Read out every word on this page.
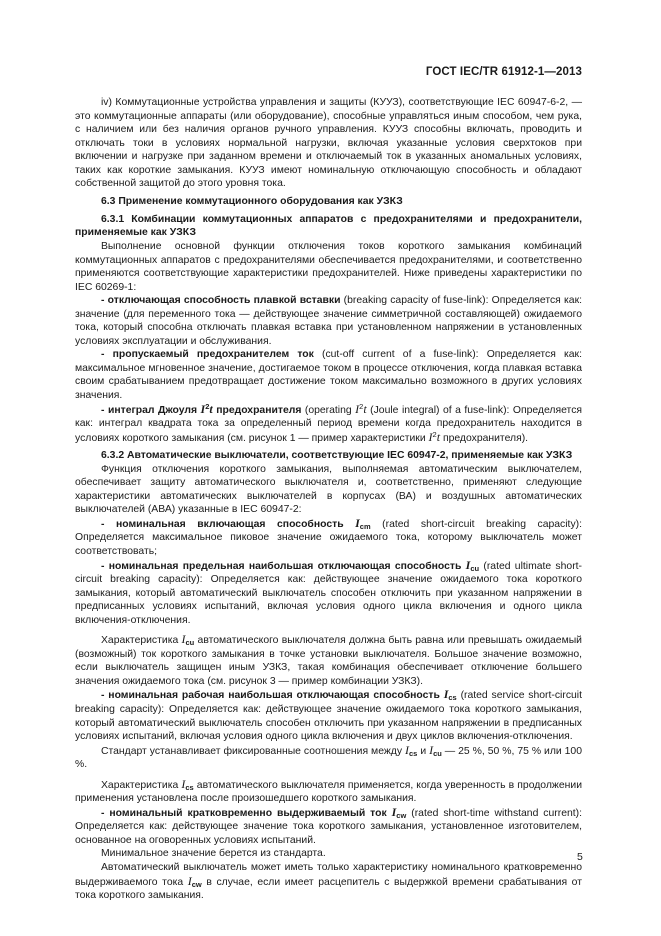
ГОСТ IEC/TR 61912-1—2013

iv) Коммутационные устройства управления и защиты (КУУЗ), соответствующие IEC 60947-6-2, — это коммутационные аппараты (или оборудование), способные управляться иным способом, чем рука, с наличием или без наличия органов ручного управления. КУУЗ способны включать, проводить и отключать токи в условиях нормальной нагрузки, включая указанные условия сверхтоков при включении и нагрузке при заданном времени и отключаемый ток в указанных аномальных условиях, таких как короткие замыкания. КУУЗ имеют номинальную отключающую способность и обладают собственной защитой до этого уровня тока.

6.3 Применение коммутационного оборудования как УЗКЗ

6.3.1 Комбинации коммутационных аппаратов с предохранителями и предохранители, применяемые как УЗКЗ

Выполнение основной функции отключения токов короткого замыкания комбинаций коммутационных аппаратов с предохранителями обеспечивается предохранителями, и соответственно применяются соответствующие характеристики предохранителей. Ниже приведены характеристики по IEC 60269-1:

- отключающая способность плавкой вставки (breaking capacity of fuse-link): Определяется как: значение (для переменного тока — действующее значение симметричной составляющей) ожидаемого тока, который способна отключать плавкая вставка при установленном напряжении в установленных условиях эксплуатации и обслуживания.

- пропускаемый предохранителем ток (cut-off current of a fuse-link): Определяется как: максимальное мгновенное значение, достигаемое током в процессе отключения, когда плавкая вставка своим срабатыванием предотвращает достижение током максимально возможного в других условиях значения.

- интеграл Джоуля $I^2t$ предохранителя (operating $I^2t$ (Joule integral) of a fuse-link): Определяется как: интеграл квадрата тока за определенный период времени когда предохранитель находится в условиях короткого замыкания (см. рисунок 1 — пример характеристики $I^2t$ предохранителя).

6.3.2 Автоматические выключатели, соответствующие IEC 60947-2, применяемые как УЗКЗ

Функция отключения короткого замыкания, выполняемая автоматическим выключателем, обеспечивает защиту автоматического выключателя и, соответственно, применяют следующие характеристики автоматических выключателей в корпусах (ВА) и воздушных автоматических выключателей (АВА) указанные в IEC 60947-2:

- номинальная включающая способность $I_{cm}$ (rated short-circuit breaking capacity): Определяется максимальное пиковое значение ожидаемого тока, которому выключатель может соответствовать;

- номинальная предельная наибольшая отключающая способность $I_{cu}$ (rated ultimate short-circuit breaking capacity): Определяется как: действующее значение ожидаемого тока короткого замыкания, который автоматический выключатель способен отключить при указанном напряжении в предписанных условиях испытаний, включая условия одного цикла включения и одного цикла включения-отключения.

Характеристика $I_{cu}$ автоматического выключателя должна быть равна или превышать ожидаемый (возможный) ток короткого замыкания в точке установки выключателя. Большое значение возможно, если выключатель защищен иным УЗКЗ, такая комбинация обеспечивает отключение большего значения ожидаемого тока (см. рисунок 3 — пример комбинации УЗКЗ).

- номинальная рабочая наибольшая отключающая способность $I_{cs}$ (rated service short-circuit breaking capacity): Определяется как: действующее значение ожидаемого тока короткого замыкания, который автоматический выключатель способен отключить при указанном напряжении в предписанных условиях испытаний, включая условия одного цикла включения и двух циклов включения-отключения.

Стандарт устанавливает фиксированные соотношения между $I_{cs}$ и $I_{cu}$ — 25 %, 50 %, 75 % или 100 %.

Характеристика $I_{cs}$ автоматического выключателя применяется, когда уверенность в продолжении применения установлена после произошедшего короткого замыкания.

- номинальный кратковременно выдерживаемый ток $I_{cw}$ (rated short-time withstand current): Определяется как: действующее значение тока короткого замыкания, установленное изготовителем, основанное на оговоренных условиях испытаний.

Минимальное значение берется из стандарта.

Автоматический выключатель может иметь только характеристику номинального кратковременно выдерживаемого тока $I_{cw}$ в случае, если имеет расцепитель с выдержкой времени срабатывания от тока короткого замыкания.

5
